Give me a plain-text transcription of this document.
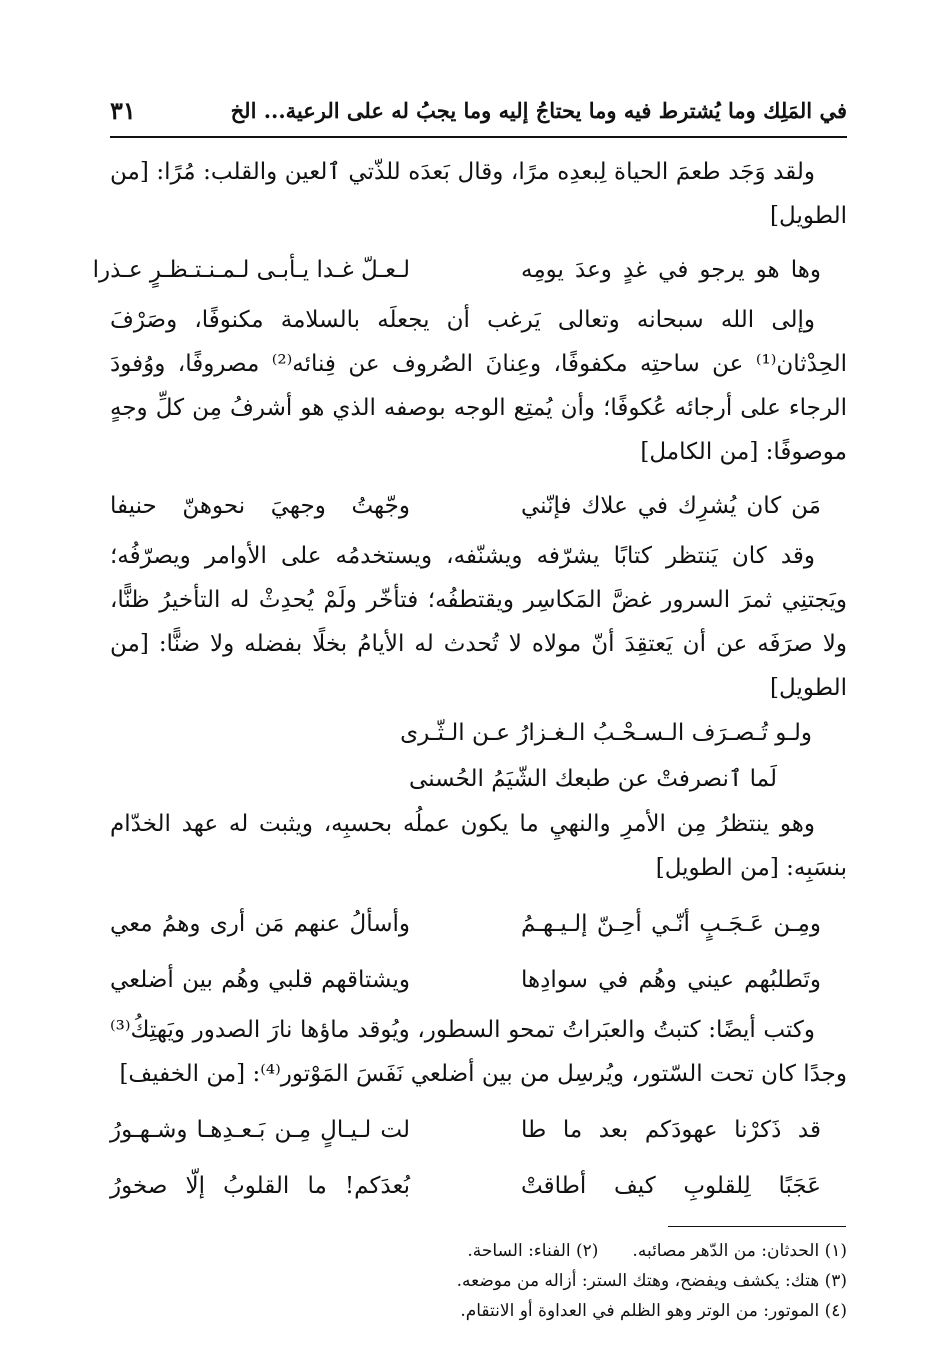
في المَلِك وما يُشترط فيه وما يحتاجُ إليه وما يجبُ له على الرعية... الخ
٣١

ولقد وَجَد طعمَ الحياة لِبعدِه مرًا، وقال بَعدَه للذّتي ٱلعين والقلب: مُرًا: [من الطويل]

وها هو يرجو في غدٍ وعدَ يومِه
لـعـلّ غـدا يـأبـى لـمـنـتـظـرٍ عـذرا

وإلى الله سبحانه وتعالى يَرغب أن يجعلَه بالسلامة مكنوفًا، وصَرْفَ الحِدْثان⁽¹⁾ عن ساحتِه مكفوفًا، وعِنانَ الصُروف عن فِنائه⁽²⁾ مصروفًا، ووُفودَ الرجاء على أرجائه عُكوفًا؛ وأن يُمتِع الوجه بوصفه الذي هو أشرفُ مِن كلِّ وجهٍ موصوفًا: [من الكامل]

مَن كان يُشرِك في علاك فإنّني
وجّهتُ وجهيَ نحوهنّ حنيفا

وقد كان يَنتظر كتابًا يشرّفه ويشنّفه، ويستخدمُه على الأوامر ويصرّفُه؛ ويَجتنِي ثمرَ السرور غضَّ المَكاسِر ويقتطفُه؛ فتأخّر ولَمْ يُحدِثْ له التأخيرُ ظنًّا، ولا صرَفَه عن أن يَعتقِدَ أنّ مولاه لا تُحدث له الأيامُ بخلًا بفضله ولا ضنًّا: [من الطويل]

ولـو تُـصـرَف الـسـحْـبُ الـغـزارُ عـن الـثّـرى
لَما ٱنصرفتْ عن طبعك الشّيَمُ الحُسنى

وهو ينتظرُ مِن الأمرِ والنهيِ ما يكون عملُه بحسبِه، ويثبت له عهد الخدّام بنسَبِه: [من الطويل]

ومِـن عَـجَـبٍ أنّـي أحِـنّ إلـيـهـمُ
وأسألُ عنهم مَن أرى وهمُ معي
وتَطلبُهم عيني وهُم في سوادِها
ويشتاقهم قلبي وهُم بين أضلعي

وكتب أيضًا: كتبتُ والعبَراتُ تمحو السطور، ويُوقد ماؤها نارَ الصدور ويَهتِكُ⁽³⁾ وجدًا كان تحت السّتور، ويُرسِل من بين أضلعي نَفَسَ المَوْتور⁽⁴⁾: [من الخفيف]

قد ذَكرْنا عهودَكم بعد ما طا
لت لـيـالٍ مِـن بَـعـدِهـا وشـهـورُ
عَجَبًا لِلقلوبِ كيف أطاقتْ
بُعدَكم! ما القلوبُ إلّا صخورُ
(١) الحدثان: من الدّهر مصائبه.
(٢) الفناء: الساحة.
(٣) هتك: يكشف ويفضح، وهتك الستر: أزاله من موضعه.
(٤) الموتور: من الوتر وهو الظلم في العداوة أو الانتقام.
